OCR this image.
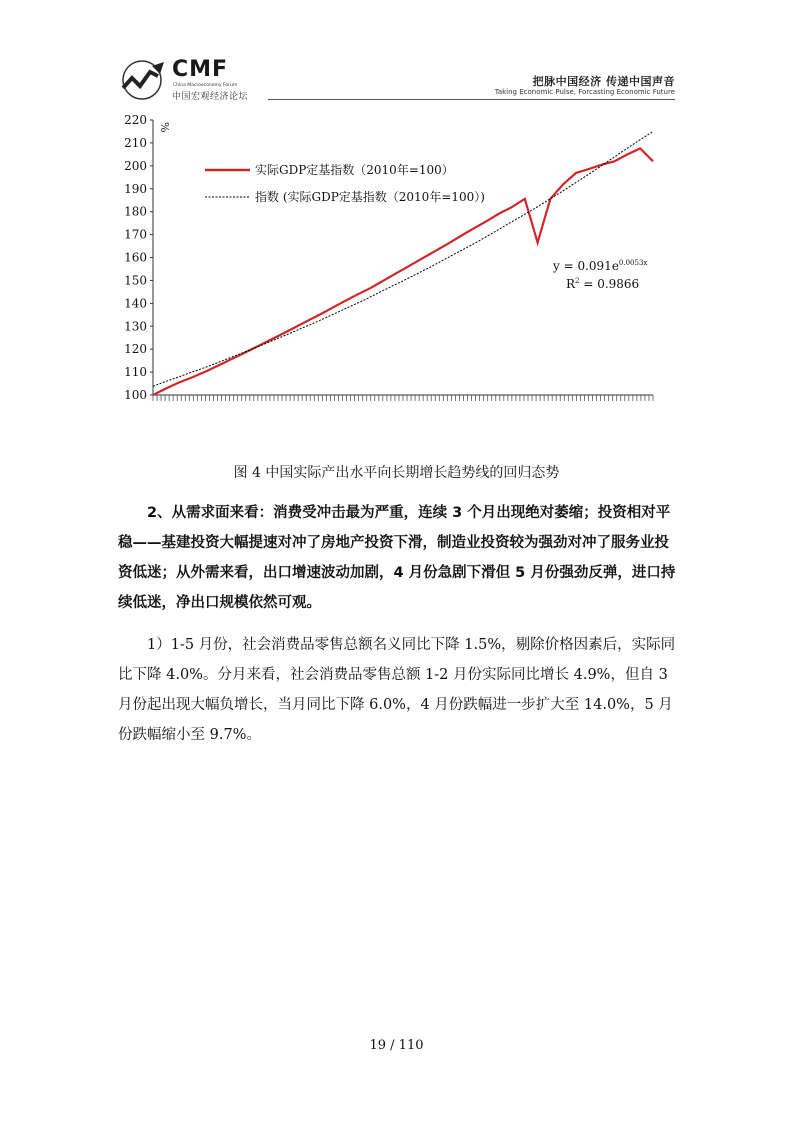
CMF
China Macroeconomy Forum
中国宏观经济论坛
把脉中国经济 传递中国声音
Taking Economic Pulse, Forcasting Economic Future
100
110
120
130
140
150
160
170
180
190
200
210
220
实际GDP定基指数（2010年=100）
指数 (实际GDP定基指数（2010年=100）)
%
$y = 0.091e^{0.0053x}$
$R^2 = 0.9866$
图 4 中国实际产出水平向长期增长趋势线的回归态势

2、从需求面来看：消费受冲击最为严重，连续 3 个月出现绝对萎缩；投资相对平稳——基建投资大幅提速对冲了房地产投资下滑，制造业投资较为强劲对冲了服务业投资低迷；从外需来看，出口增速波动加剧，4 月份急剧下滑但 5 月份强劲反弹，进口持续低迷，净出口规模依然可观。

1）1-5 月份，社会消费品零售总额名义同比下降 1.5%，剔除价格因素后，实际同比下降 4.0%。分月来看，社会消费品零售总额 1-2 月份实际同比增长 4.9%，但自 3 月份起出现大幅负增长，当月同比下降 6.0%，4 月份跌幅进一步扩大至 14.0%，5 月份跌幅缩小至 9.7%。

19 / 110
